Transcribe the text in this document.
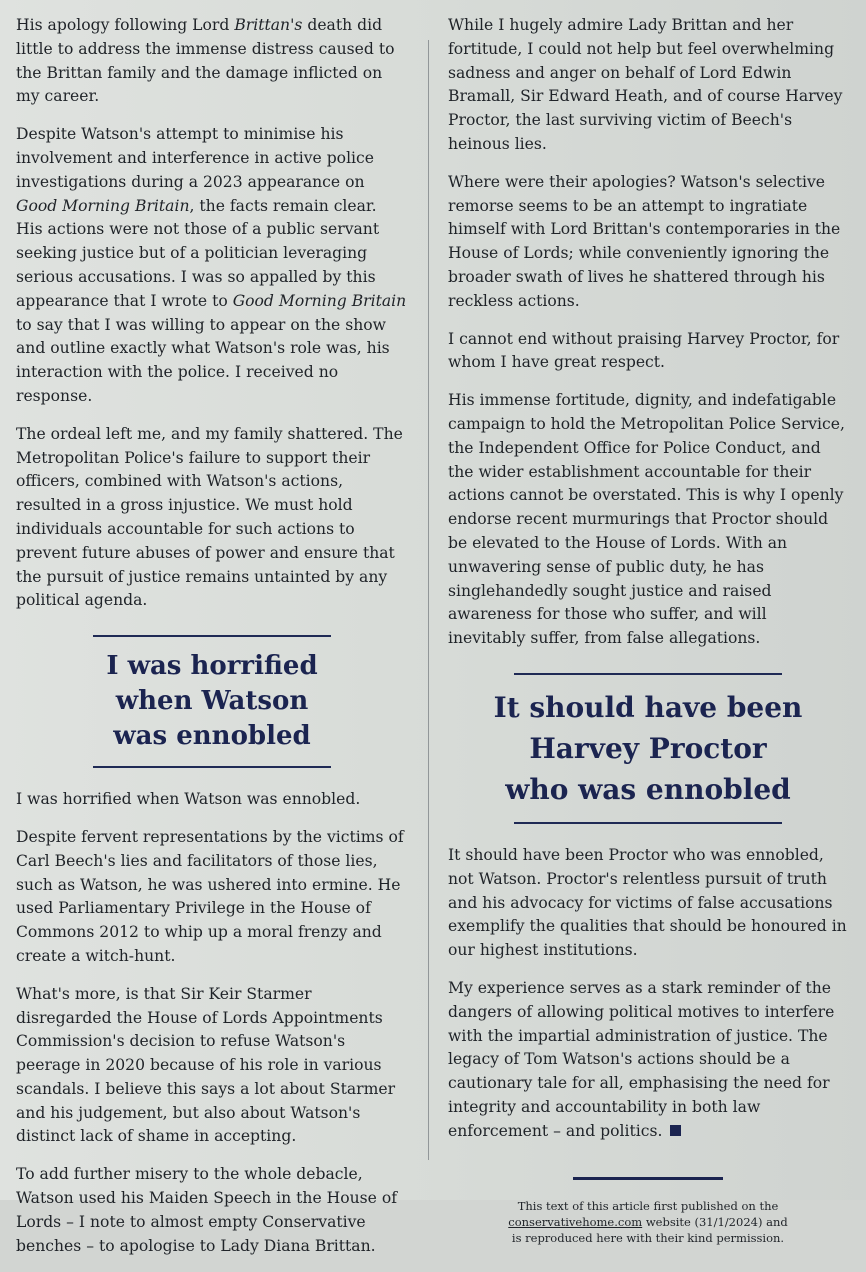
His apology following Lord Brittan's death did little to address the immense distress caused to the Brittan family and the damage inflicted on my career.

Despite Watson's attempt to minimise his involvement and interference in active police investigations during a 2023 appearance on Good Morning Britain, the facts remain clear. His actions were not those of a public servant seeking justice but of a politician leveraging serious accusations. I was so appalled by this appearance that I wrote to Good Morning Britain to say that I was willing to appear on the show and outline exactly what Watson's role was, his interaction with the police. I received no response.

The ordeal left me, and my family shattered. The Metropolitan Police's failure to support their officers, combined with Watson's actions, resulted in a gross injustice. We must hold individuals accountable for such actions to prevent future abuses of power and ensure that the pursuit of justice remains untainted by any political agenda.

I was horrified
when Watson
was ennobled

I was horrified when Watson was ennobled.

Despite fervent representations by the victims of Carl Beech's lies and facilitators of those lies, such as Watson, he was ushered into ermine. He used Parliamentary Privilege in the House of Commons 2012 to whip up a moral frenzy and create a witch-hunt.

What's more, is that Sir Keir Starmer disregarded the House of Lords Appointments Commission's decision to refuse Watson's peerage in 2020 because of his role in various scandals. I believe this says a lot about Starmer and his judgement, but also about Watson's distinct lack of shame in accepting.

To add further misery to the whole debacle, Watson used his Maiden Speech in the House of Lords – I note to almost empty Conservative benches – to apologise to Lady Diana Brittan.

While I hugely admire Lady Brittan and her fortitude, I could not help but feel overwhelming sadness and anger on behalf of Lord Edwin Bramall, Sir Edward Heath, and of course Harvey Proctor, the last surviving victim of Beech's heinous lies.

Where were their apologies? Watson's selective remorse seems to be an attempt to ingratiate himself with Lord Brittan's contemporaries in the House of Lords; while conveniently ignoring the broader swath of lives he shattered through his reckless actions.

I cannot end without praising Harvey Proctor, for whom I have great respect.

His immense fortitude, dignity, and indefatigable campaign to hold the Metropolitan Police Service, the Independent Office for Police Conduct, and the wider establishment accountable for their actions cannot be overstated. This is why I openly endorse recent murmurings that Proctor should be elevated to the House of Lords. With an unwavering sense of public duty, he has singlehandedly sought justice and raised awareness for those who suffer, and will inevitably suffer, from false allegations.

It should have been
Harvey Proctor
who was ennobled

It should have been Proctor who was ennobled, not Watson. Proctor's relentless pursuit of truth and his advocacy for victims of false accusations exemplify the qualities that should be honoured in our highest institutions.

My experience serves as a stark reminder of the dangers of allowing political motives to interfere with the impartial administration of justice. The legacy of Tom Watson's actions should be a cautionary tale for all, emphasising the need for integrity and accountability in both law enforcement – and politics.

This text of this article first published on the
conservativehome.com website (31/1/2024) and
is reproduced here with their kind permission.
